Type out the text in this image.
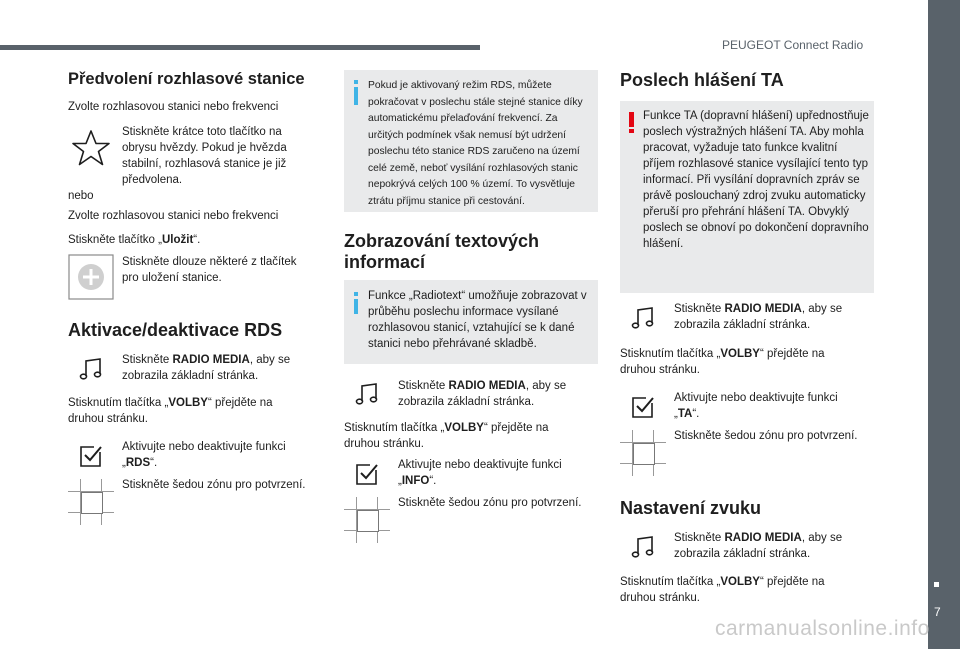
PEUGEOT Connect Radio
7
Předvolení rozhlasové stanice
Zvolte rozhlasovou stanici nebo frekvenci
Stiskněte krátce toto tlačítko na obrysu hvězdy. Pokud je hvězda stabilní, rozhlasová stanice je již předvolena.
nebo
Zvolte rozhlasovou stanici nebo frekvenci
Stiskněte tlačítko „Uložit“.
Stiskněte dlouze některé z tlačítek pro uložení stanice.
Aktivace/deaktivace RDS
Stiskněte RADIO MEDIA, aby se zobrazila základní stránka.
Stisknutím tlačítka „VOLBY“ přejděte na druhou stránku.
Aktivujte nebo deaktivujte funkci „RDS“.
Stiskněte šedou zónu pro potvrzení.
Pokud je aktivovaný režim RDS, můžete pokračovat v poslechu stále stejné stanice díky automatickému přelaďování frekvencí. Za určitých podmínek však nemusí být udržení poslechu této stanice RDS zaručeno na území celé země, neboť vysílání rozhlasových stanic nepokrývá celých 100 % území. To vysvětluje ztrátu příjmu stanice při cestování.
Zobrazování textových informací
Funkce „Radiotext“ umožňuje zobrazovat v průběhu poslechu informace vysílané rozhlasovou stanicí, vztahující se k dané stanici nebo přehrávané skladbě.
Stiskněte RADIO MEDIA, aby se zobrazila základní stránka.
Stisknutím tlačítka „VOLBY“ přejděte na druhou stránku.
Aktivujte nebo deaktivujte funkci „INFO“.
Stiskněte šedou zónu pro potvrzení.
Poslech hlášení TA
Funkce TA (dopravní hlášení) upřednostňuje poslech výstražných hlášení TA. Aby mohla pracovat, vyžaduje tato funkce kvalitní příjem rozhlasové stanice vysílající tento typ informací. Při vysílání dopravních zpráv se právě poslouchaný zdroj zvuku automaticky přeruší pro přehrání hlášení TA. Obvyklý poslech se obnoví po dokončení dopravního hlášení.
Stiskněte RADIO MEDIA, aby se zobrazila základní stránka.
Stisknutím tlačítka „VOLBY“ přejděte na druhou stránku.
Aktivujte nebo deaktivujte funkci „TA“.
Stiskněte šedou zónu pro potvrzení.
Nastavení zvuku
Stiskněte RADIO MEDIA, aby se zobrazila základní stránka.
Stisknutím tlačítka „VOLBY“ přejděte na druhou stránku.
carmanualsonline.info
